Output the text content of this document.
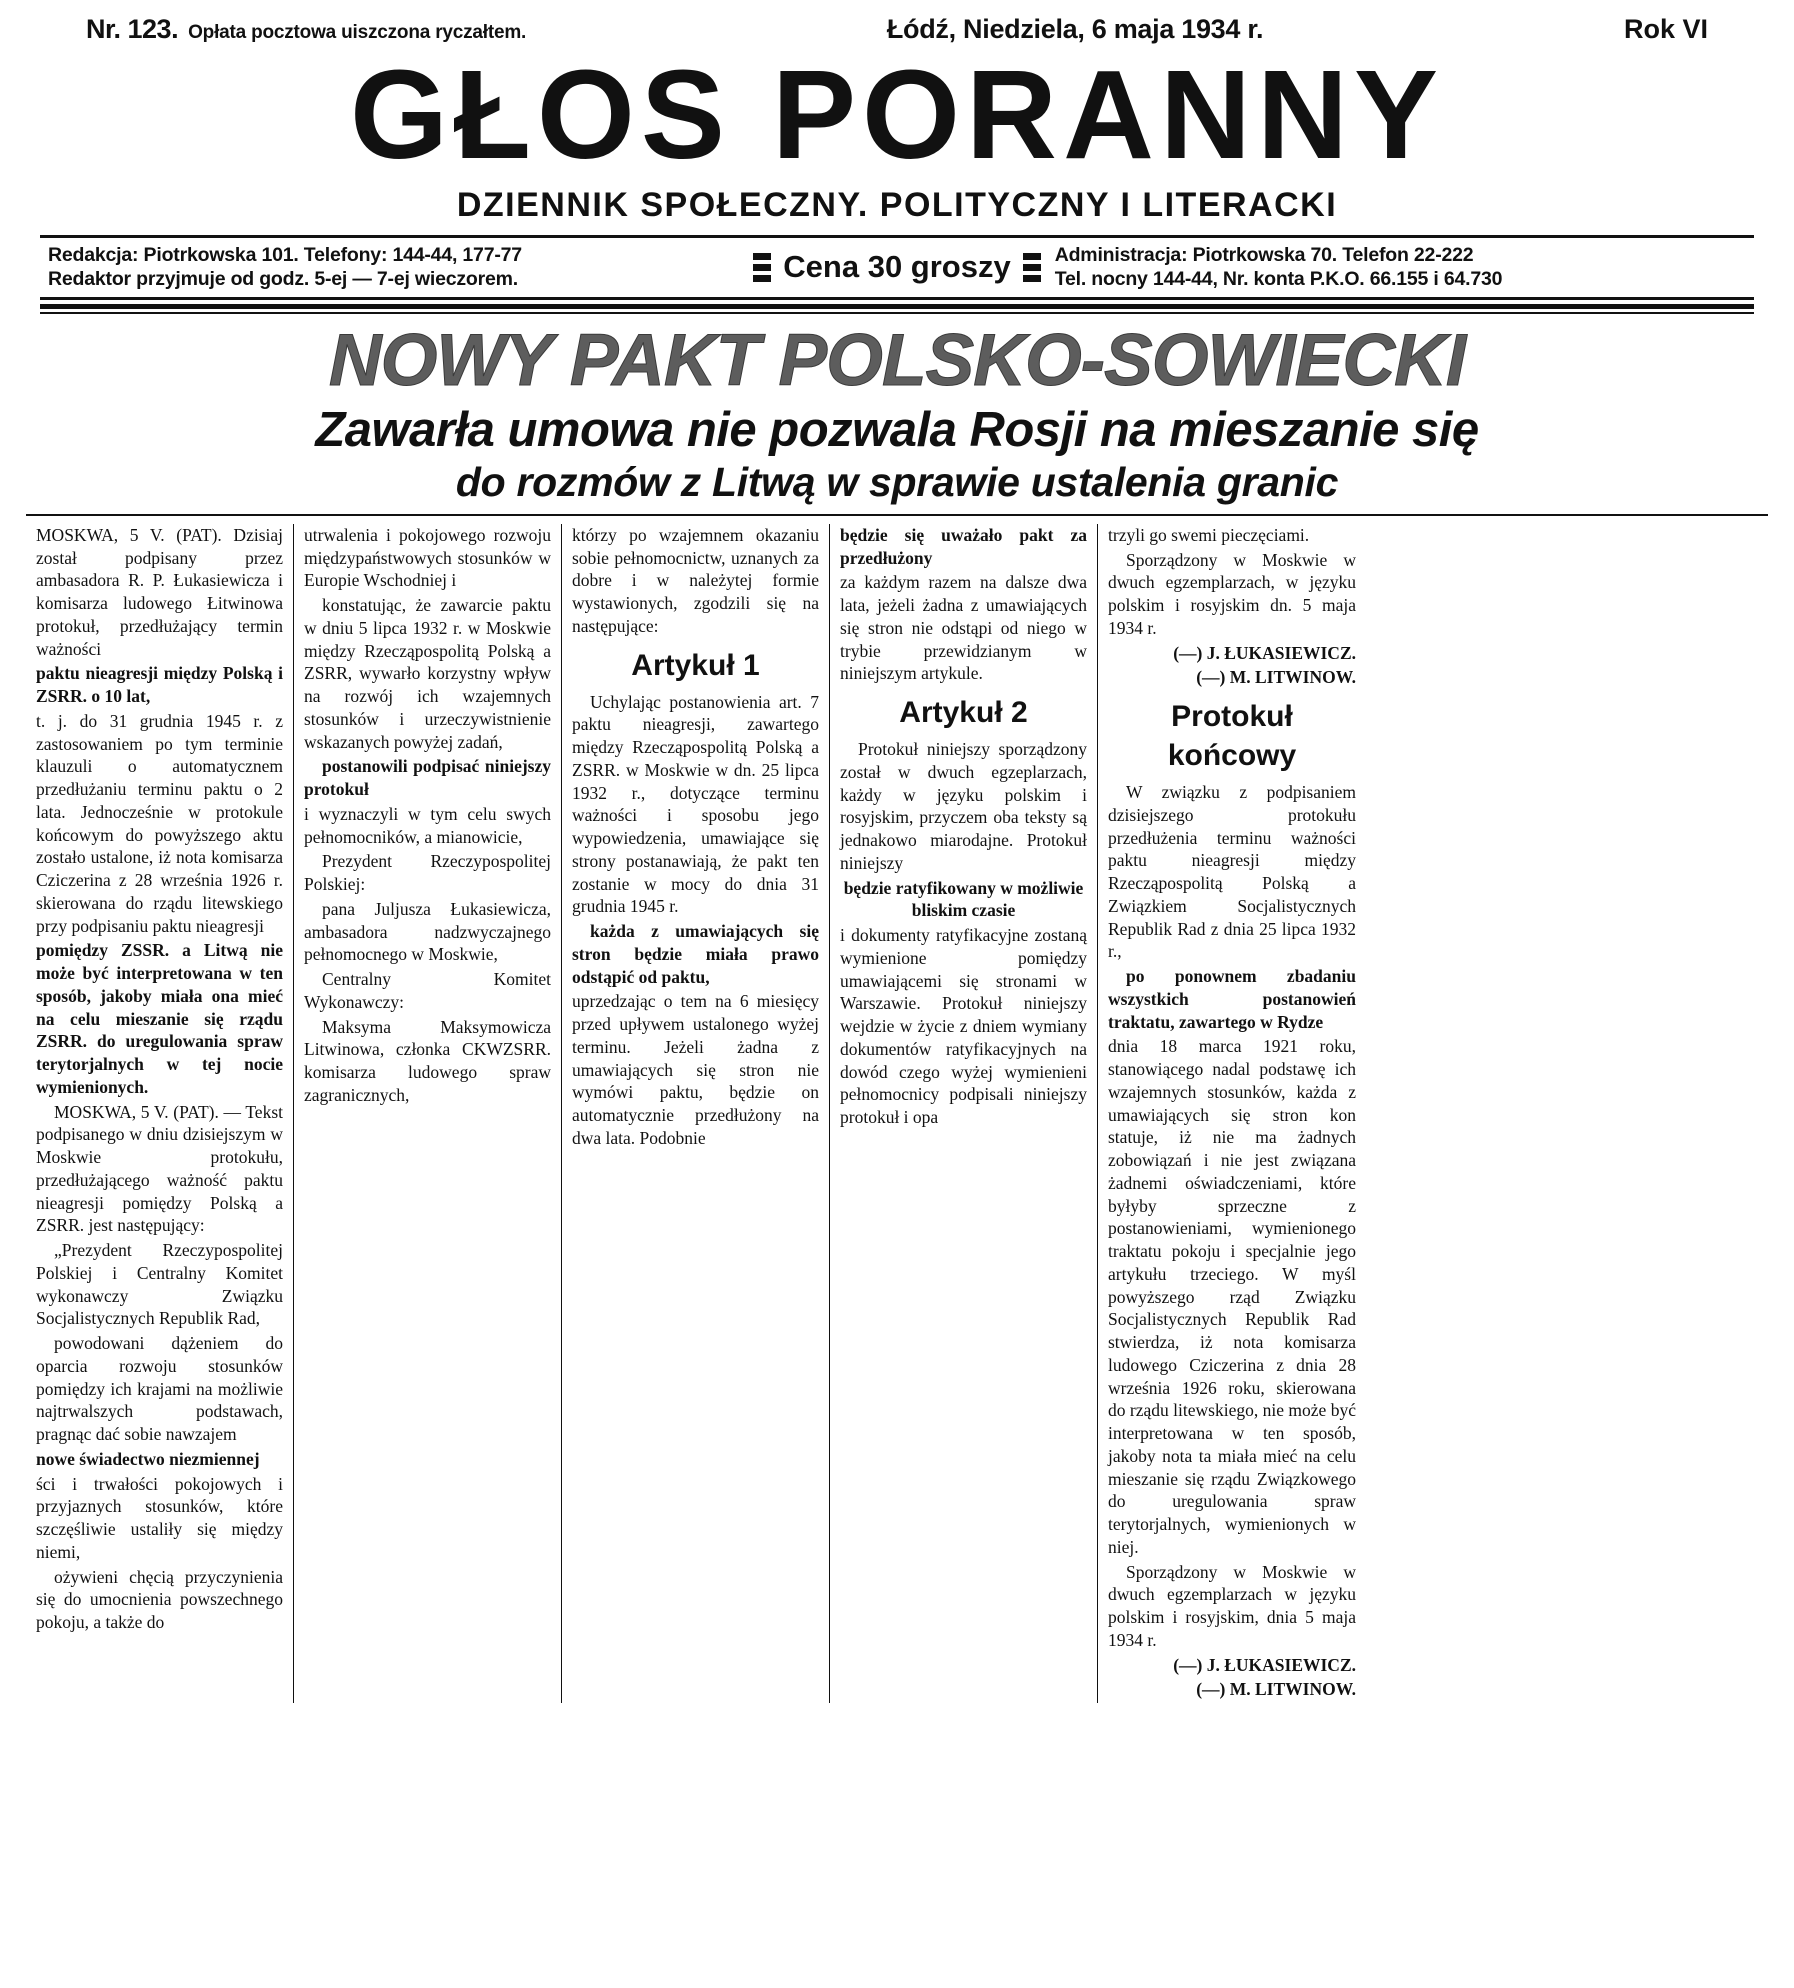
Nr. 123. Opłata pocztowa uiszczona ryczałtem.	Łódź, Niedziela, 6 maja 1934 r.	Rok VI
GŁOS PORANNY
DZIENNIK SPOŁECZNY. POLITYCZNY I LITERACKI
Redakcja: Piotrkowska 101. Telefony: 144-44, 177-77
Redaktor przyjmuje od godz. 5-ej — 7-ej wieczorem.	Cena 30 groszy Administracja: Piotrkowska 70. Telefon 22-222
Tel. nocny 144-44, Nr. konta P.K.O. 66.155 i 64.730
NOWY PAKT POLSKO-SOWIECKI
Zawarła umowa nie pozwala Rosji na mieszanie się
do rozmów z Litwą w sprawie ustalenia granic

MOSKWA, 5 V. (PAT). Dzisiaj został podpisany przez ambasadora R. P. Łukasiewicza i komisarza ludowego Łitwinowa protokuł, przedłużający termin ważności

paktu nieagresji między Polską i ZSRR. o 10 lat,

t. j. do 31 grudnia 1945 r. z zastosowaniem po tym terminie klauzuli o automatycznem przedłużaniu terminu paktu o 2 lata. Jednocześnie w protokule końcowym do powyższego aktu zostało ustalone, iż nota komisarza Cziczerina z 28 września 1926 r. skierowana do rządu litewskiego przy podpisaniu paktu nieagresji

pomiędzy ZSSR. a Litwą nie może być interpretowana w ten sposób, jakoby miała ona mieć na celu mieszanie się rządu ZSRR. do uregulowania spraw terytorjalnych w tej nocie wymienionych.

MOSKWA, 5 V. (PAT). — Tekst podpisanego w dniu dzisiejszym w Moskwie protokułu, przedłużającego ważność paktu nieagresji pomiędzy Polską a ZSRR. jest następujący:

„Prezydent Rzeczypospolitej Polskiej i Centralny Komitet wykonawczy Związku Socjalistycznych Republik Rad,

powodowani dążeniem do oparcia rozwoju stosunków pomiędzy ich krajami na możliwie najtrwalszych podstawach, pragnąc dać sobie nawzajem

nowe świadectwo niezmiennej

ści i trwałości pokojowych i przyjaznych stosunków, które szczęśliwie ustaliły się między niemi,

ożywieni chęcią przyczynienia się do umocnienia powszechnego pokoju, a także do

utrwalenia i pokojowego rozwoju międzypaństwowych stosunków w Europie Wschodniej i

konstatując, że zawarcie paktu w dniu 5 lipca 1932 r. w Moskwie między Rzecząpospolitą Polską a ZSRR, wywarło korzystny wpływ na rozwój ich wzajemnych stosunków i urzeczywistnienie wskazanych powyżej zadań,

postanowili podpisać niniejszy protokuł

i wyznaczyli w tym celu swych pełnomocników, a mianowicie,

Prezydent Rzeczypospolitej Polskiej:

pana Juljusza Łukasiewicza, ambasadora nadzwyczajnego pełnomocnego w Moskwie,

Centralny Komitet Wykonawczy:

Maksyma Maksymowicza Litwinowa, członka CKWZSRR. komisarza ludowego spraw zagranicznych,

którzy po wzajemnem okazaniu sobie pełnomocnictw, uznanych za dobre i w należytej formie wystawionych, zgodzili się na następujące:

Artykuł 1

Uchylając postanowienia art. 7 paktu nieagresji, zawartego między Rzecząpospolitą Polską a ZSRR. w Moskwie w dn. 25 lipca 1932 r., dotyczące terminu ważności i sposobu jego wypowiedzenia, umawiające się strony postanawiają, że pakt ten zostanie w mocy do dnia 31 grudnia 1945 r.

każda z umawiających się stron będzie miała prawo odstąpić od paktu,

uprzedzając o tem na 6 miesięcy przed upływem ustalonego wyżej terminu. Jeżeli żadna z umawiających się stron nie wymówi paktu, będzie on automatycznie przedłużony na dwa lata. Podobnie

będzie się uważało pakt za przedłużony

za każdym razem na dalsze dwa lata, jeżeli żadna z umawiających się stron nie odstąpi od niego w trybie przewidzianym w niniejszym artykule.

Artykuł 2

Protokuł niniejszy sporządzony został w dwuch egzeplarzach, każdy w języku polskim i rosyjskim, przyczem oba teksty są jednakowo miarodajne. Protokuł niniejszy

będzie ratyfikowany w możliwie bliskim czasie

i dokumenty ratyfikacyjne zostaną wymienione pomiędzy umawiającemi się stronami w Warszawie. Protokuł niniejszy wejdzie w życie z dniem wymiany dokumentów ratyfikacyjnych na dowód czego wyżej wymienieni pełnomocnicy podpisali niniejszy protokuł i opa

trzyli go swemi pieczęciami.

Sporządzony w Moskwie w dwuch egzemplarzach, w języku polskim i rosyjskim dn. 5 maja 1934 r.

(—) J. ŁUKASIEWICZ.
(—) M. LITWINOW.
Protokuł końcowy

W związku z podpisaniem dzisiejszego protokułu przedłużenia terminu ważności paktu nieagresji między Rzecząpospolitą Polską a Związkiem Socjalistycznych Republik Rad z dnia 25 lipca 1932 r.,

po ponownem zbadaniu wszystkich postanowień traktatu, zawartego w Rydze

dnia 18 marca 1921 roku, stanowiącego nadal podstawę ich wzajemnych stosunków, każda z umawiających się stron kon statuje, iż nie ma żadnych zobowiązań i nie jest związana żadnemi oświadczeniami, które byłyby sprzeczne z postanowieniami, wymienionego traktatu pokoju i specjalnie jego artykułu trzeciego. W myśl powyższego rząd Związku Socjalistycznych Republik Rad stwierdza, iż nota komisarza ludowego Cziczerina z dnia 28 września 1926 roku, skierowana do rządu litewskiego, nie może być interpretowana w ten sposób, jakoby nota ta miała mieć na celu mieszanie się rządu Związkowego do uregulowania spraw terytorjalnych, wymienionych w niej.

Sporządzony w Moskwie w dwuch egzemplarzach w języku polskim i rosyjskim, dnia 5 maja 1934 r.

(—) J. ŁUKASIEWICZ.
(—) M. LITWINOW.
